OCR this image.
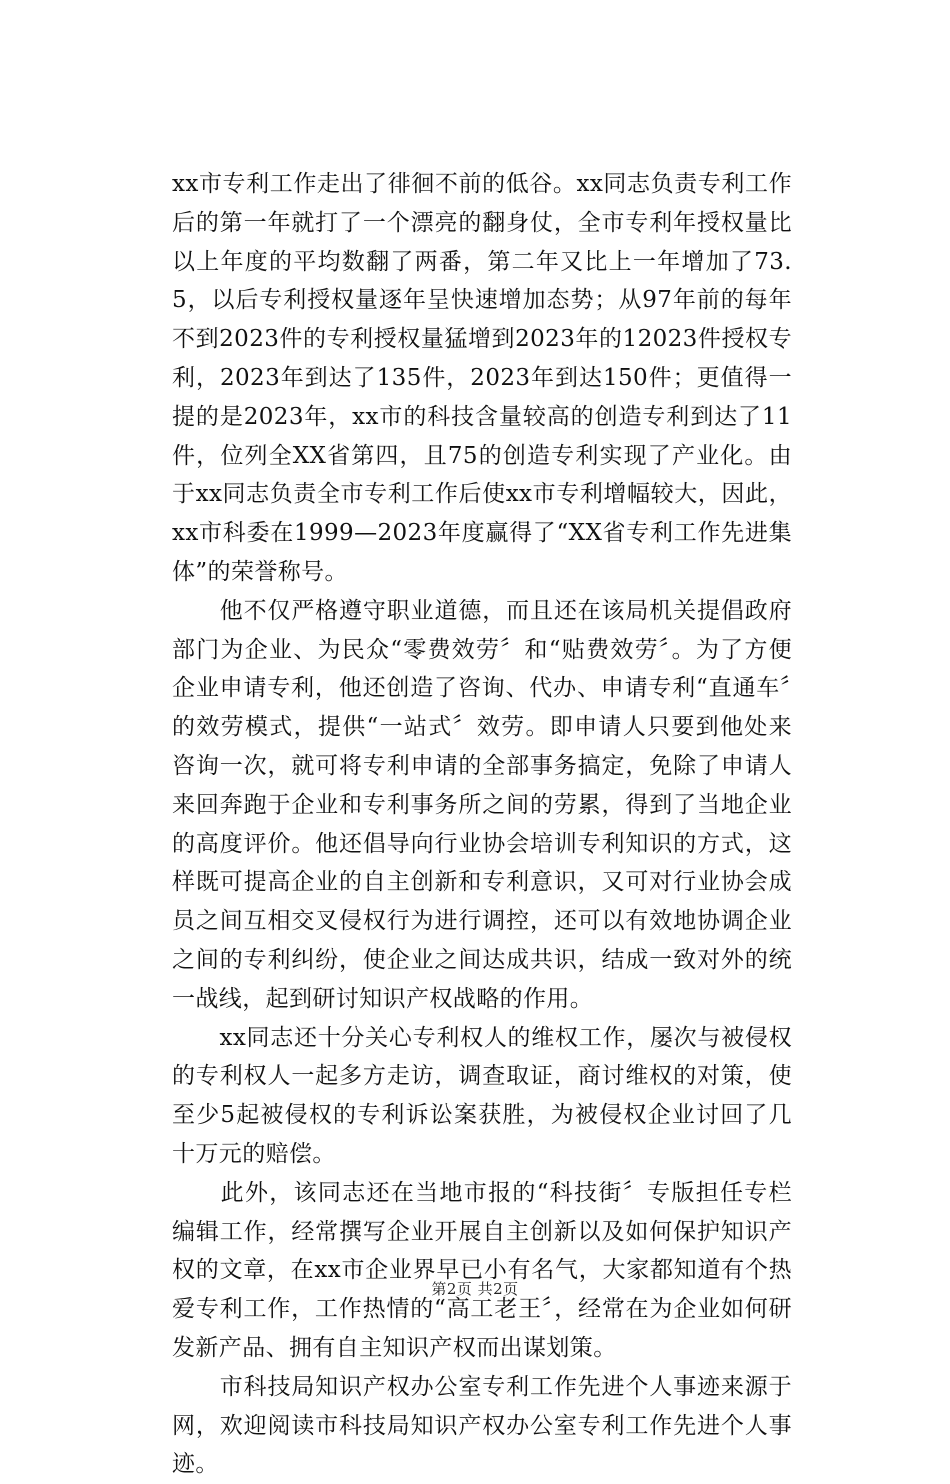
xx市专利工作走出了徘徊不前的低谷。xx同志负责专利工作后的第一年就打了一个漂亮的翻身仗，全市专利年授权量比以上年度的平均数翻了两番，第二年又比上一年增加了73.5，以后专利授权量逐年呈快速增加态势；从97年前的每年不到2023件的专利授权量猛增到2023年的12023件授权专利，2023年到达了135件，2023年到达150件；更值得一提的是2023年，xx市的科技含量较高的创造专利到达了11件，位列全XX省第四，且75的创造专利实现了产业化。由于xx同志负责全市专利工作后使xx市专利增幅较大，因此，xx市科委在1999—2023年度赢得了“XX省专利工作先进集体”的荣誉称号。

　　他不仅严格遵守职业道德，而且还在该局机关提倡政府部门为企业、为民众“零费效劳〞和“贴费效劳〞。为了方便企业申请专利，他还创造了咨询、代办、申请专利“直通车〞的效劳模式，提供“一站式〞效劳。即申请人只要到他处来咨询一次，就可将专利申请的全部事务搞定，免除了申请人来回奔跑于企业和专利事务所之间的劳累，得到了当地企业的高度评价。他还倡导向行业协会培训专利知识的方式，这样既可提高企业的自主创新和专利意识，又可对行业协会成员之间互相交叉侵权行为进行调控，还可以有效地协调企业之间的专利纠纷，使企业之间达成共识，结成一致对外的统一战线，起到研讨知识产权战略的作用。

　　xx同志还十分关心专利权人的维权工作，屡次与被侵权的专利权人一起多方走访，调查取证，商讨维权的对策，使至少5起被侵权的专利诉讼案获胜，为被侵权企业讨回了几十万元的赔偿。

　　此外，该同志还在当地市报的“科技街〞专版担任专栏编辑工作，经常撰写企业开展自主创新以及如何保护知识产权的文章，在xx市企业界早已小有名气，大家都知道有个热爱专利工作，工作热情的“高工老王〞，经常在为企业如何研发新产品、拥有自主知识产权而出谋划策。

　　市科技局知识产权办公室专利工作先进个人事迹来源于网，欢迎阅读市科技局知识产权办公室专利工作先进个人事迹。

第2页 共2页
